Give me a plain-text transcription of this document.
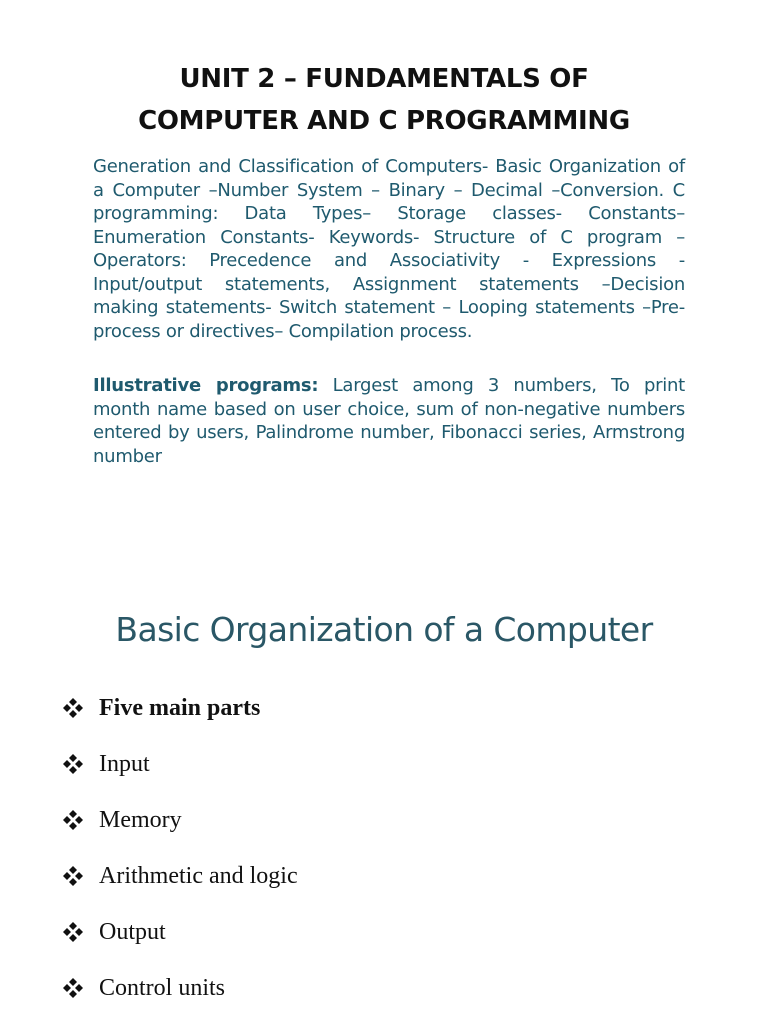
UNIT 2 – FUNDAMENTALS OF
COMPUTER AND C PROGRAMMING

Generation and Classification of Computers- Basic Organization of a Computer –Number System – Binary – Decimal –Conversion. C programming: Data Types– Storage classes- Constants– Enumeration Constants- Keywords- Structure of C program – Operators: Precedence and Associativity - Expressions - Input/output statements, Assignment statements –Decision making statements- Switch statement – Looping statements –Pre-process or directives– Compilation process.

Illustrative programs: Largest among 3 numbers, To print month name based on user choice, sum of non-negative numbers entered by users, Palindrome number, Fibonacci series, Armstrong number

Basic Organization of a Computer
Five main parts
Input
Memory
Arithmetic and logic
Output
Control units
